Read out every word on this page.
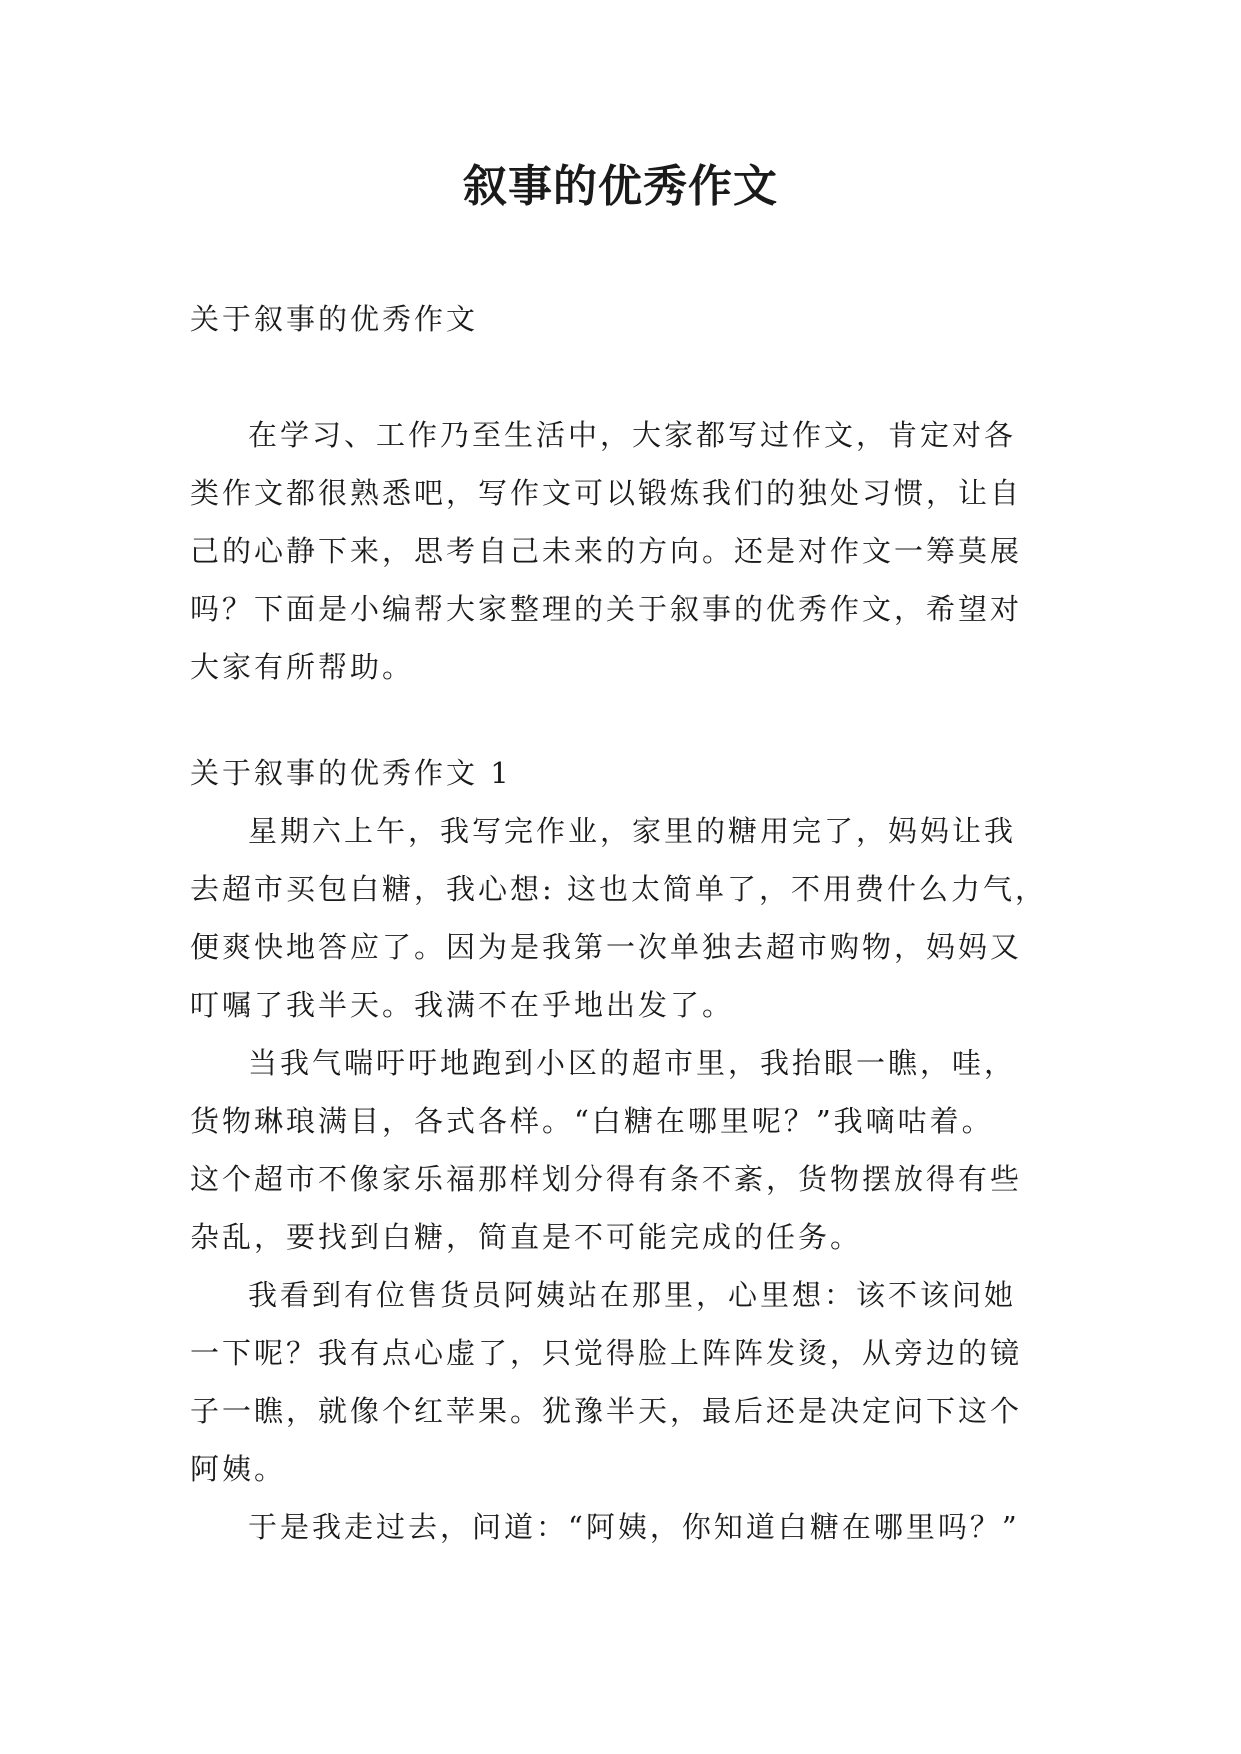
叙事的优秀作文

关于叙事的优秀作文

在学习、工作乃至生活中，大家都写过作文，肯定对各

类作文都很熟悉吧，写作文可以锻炼我们的独处习惯，让自
己的心静下来，思考自己未来的方向。还是对作文一筹莫展
吗？下面是小编帮大家整理的关于叙事的优秀作文，希望对
大家有所帮助。

关于叙事的优秀作文 1

星期六上午，我写完作业，家里的糖用完了，妈妈让我

去超市买包白糖，我心想: 这也太简单了，不用费什么力气，
便爽快地答应了。因为是我第一次单独去超市购物，妈妈又
叮嘱了我半天。我满不在乎地出发了。

当我气喘吁吁地跑到小区的超市里，我抬眼一瞧，哇，

货物琳琅满目，各式各样。“白糖在哪里呢？”我嘀咕着。
这个超市不像家乐福那样划分得有条不紊，货物摆放得有些
杂乱，要找到白糖，简直是不可能完成的任务。

我看到有位售货员阿姨站在那里，心里想：该不该问她

一下呢？我有点心虚了，只觉得脸上阵阵发烫，从旁边的镜
子一瞧，就像个红苹果。犹豫半天，最后还是决定问下这个
阿姨。

于是我走过去，问道：“阿姨，你知道白糖在哪里吗？”
